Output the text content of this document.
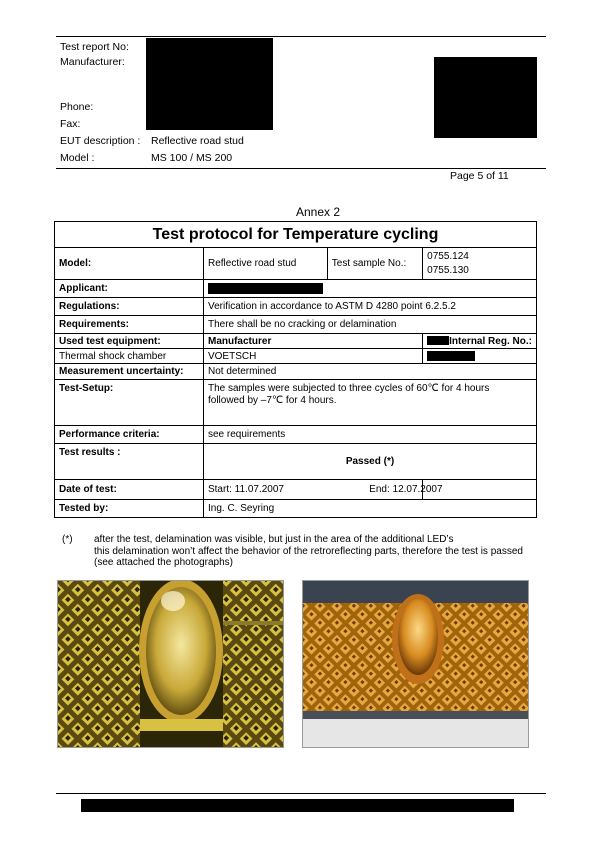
Test report No:
Manufacturer:
Phone:
Fax:
EUT description : Reflective road stud
Model :	MS 100 / MS 200
Page 5 of 11
Annex 2
Test protocol for Temperature cycling			
Model:	Reflective road stud	Test sample No.:	0755.124
0755.130

Applicant:			
Regulations:	Verification in accordance to ASTM D 4280 point 6.2.5.2		
Requirements:	There shall be no cracking or delamination		
Used test equipment:	Manufacturer		Internal Reg. No.:
Thermal shock chamber	VOETSCH		
Measurement uncertainty:	Not determined		
Test-Setup:	The samples were subjected to three cycles of 60℃ for 4 hours
followed by –7℃ for 4 hours.		

Performance criteria:	see requirements		
Test results :	Passed (*)		
Date of test:	Start: 11.07.2007		End: 12.07.2007
Tested by:	Ing. C. Seyring		
(*) after the test, delamination was visible, but just in the area of the additional LED’s
this delamination won’t affect the behavior of the retroreflecting parts, therefore the test is passed
(see attached the photographs)
